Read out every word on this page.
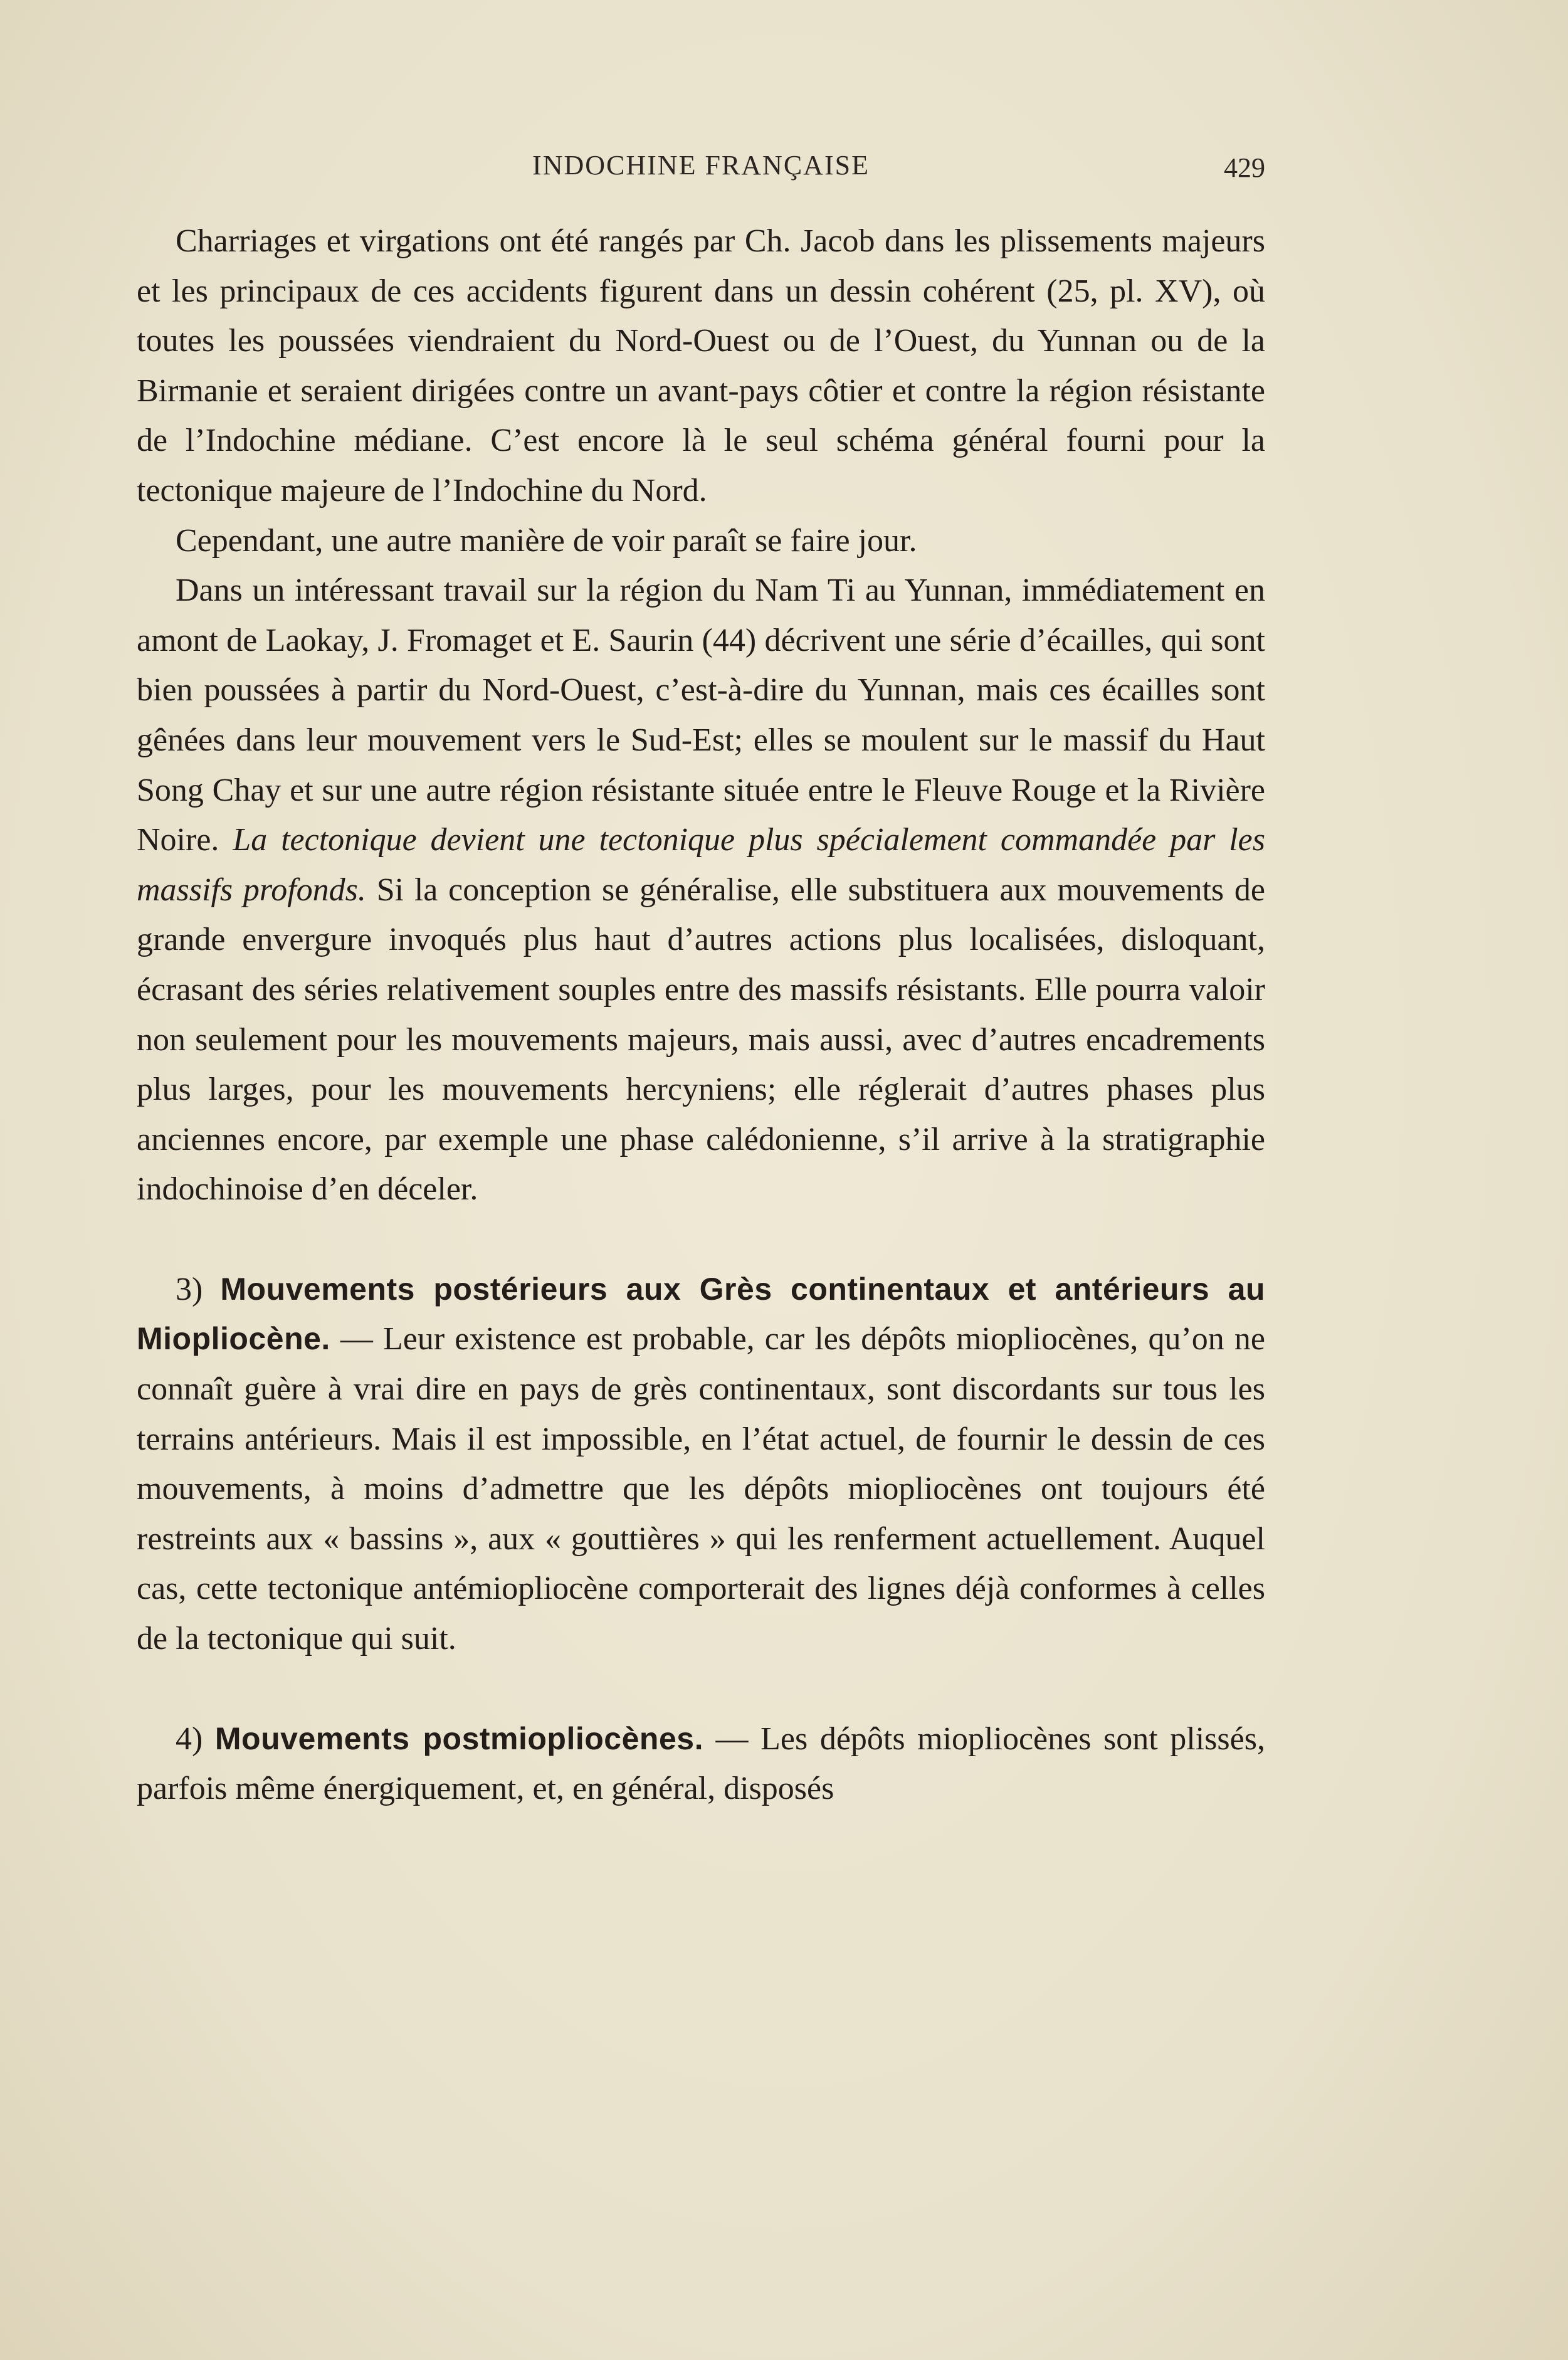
INDOCHINE FRANÇAISE	429

Charriages et virgations ont été rangés par Ch. Jacob dans les plissements majeurs et les principaux de ces accidents figurent dans un dessin cohérent (25, pl. XV), où toutes les poussées viendraient du Nord-Ouest ou de l’Ouest, du Yunnan ou de la Birmanie et seraient dirigées contre un avant-pays côtier et contre la région résistante de l’Indochine médiane. C’est encore là le seul schéma général fourni pour la tectonique majeure de l’Indochine du Nord.

Cependant, une autre manière de voir paraît se faire jour.

Dans un intéressant travail sur la région du Nam Ti au Yunnan, immédiatement en amont de Laokay, J. Fromaget et E. Saurin (44) décrivent une série d’écailles, qui sont bien poussées à partir du Nord-Ouest, c’est-à-dire du Yunnan, mais ces écailles sont gênées dans leur mouvement vers le Sud-Est; elles se moulent sur le massif du Haut Song Chay et sur une autre région résistante située entre le Fleuve Rouge et la Rivière Noire. La tectonique devient une tectonique plus spécialement commandée par les massifs profonds. Si la conception se généralise, elle substituera aux mouvements de grande envergure invoqués plus haut d’autres actions plus localisées, disloquant, écrasant des séries relativement souples entre des massifs résistants. Elle pourra valoir non seulement pour les mouvements majeurs, mais aussi, avec d’autres encadrements plus larges, pour les mouvements hercyniens; elle réglerait d’autres phases plus anciennes encore, par exemple une phase calédonienne, s’il arrive à la stratigraphie indochinoise d’en déceler.

3) Mouvements postérieurs aux Grès continentaux et antérieurs au Miopliocène. — Leur existence est probable, car les dépôts miopliocènes, qu’on ne connaît guère à vrai dire en pays de grès continentaux, sont discordants sur tous les terrains antérieurs. Mais il est impossible, en l’état actuel, de fournir le dessin de ces mouvements, à moins d’admettre que les dépôts miopliocènes ont toujours été restreints aux « bassins », aux « gouttières » qui les renferment actuellement. Auquel cas, cette tectonique antémiopliocène comporterait des lignes déjà conformes à celles de la tectonique qui suit.

4) Mouvements postmiopliocènes. — Les dépôts miopliocènes sont plissés, parfois même énergiquement, et, en général, disposés
